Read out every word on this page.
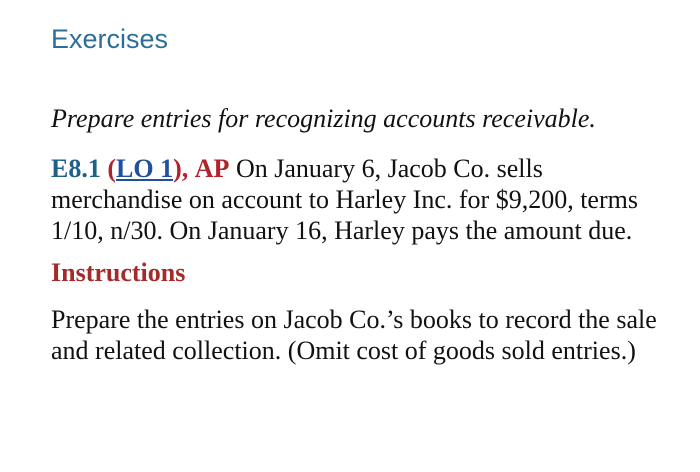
Exercises

Prepare entries for recognizing accounts receivable.

E8.1 (LO 1), AP On January 6, Jacob Co. sells merchandise on account to Harley Inc. for $9,200, terms 1/10, n/30. On January 16, Harley pays the amount due.

Instructions

Prepare the entries on Jacob Co.’s books to record the sale and related collection. (Omit cost of goods sold entries.)
